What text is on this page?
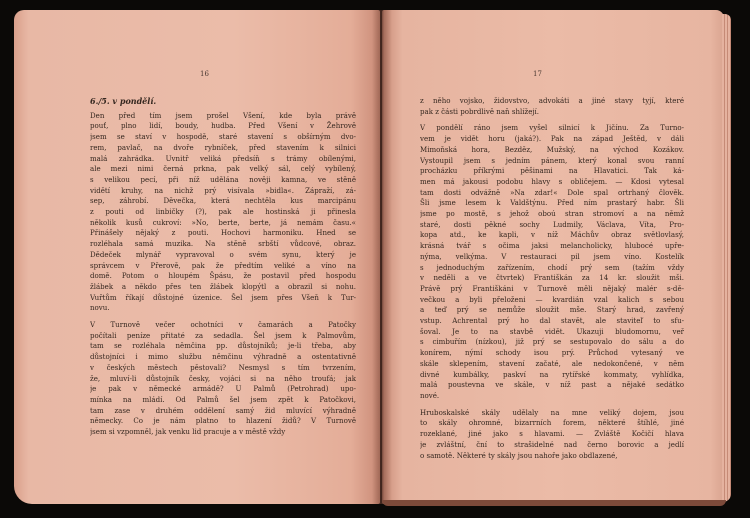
16
6./5. v pondělí.
Den před tím jsem prošel Všení, kde byla právě
pouť, plno lidí, boudy, hudba. Před Všení v Žehrově
jsem se staví v hospodě, staré stavení s obšírným dvo-
rem, pavlač, na dvoře rybníček, před stavením k silnici
malá zahrádka. Uvnitř veliká předsíň s trámy obílenými,
ale mezi nimi černá prkna, pak velký sál, celý vybílený,
s velikou pecí, při níž udělána nověji kamna, ve stěně
vidětí kruhy, na nichž prý visívala »bidla«. Zápraží, zá-
sep, záhrobí. Děvečka, která nechtěla kus marcipánu
z pouti od linbičky (?), pak ale hostinská ji přinesla
několik kusů cukroví: »No, berte, berte, já nemám času.«
Přinášely nějaký z pouti. Hochovi harmoniku. Hned se
rozléhala samá muzika. Na stěně srbští vůdcové, obraz.
Dědeček mlynář vypravoval o svém synu, který je
správcem v Přerově, pak že předtím veliké a víno na
domě. Potom o hloupém Špásu, že postavil před hospodu
žlábek a někdo přes ten žlábek klopýtl a obrazil si nohu.
Vuřtům říkají důstojné úzenice. Šel jsem přes Všeň k Tur-
novu.
V Turnově večer ochotníci v čamarách a Patočky
počítali peníze přitaté za sedadla. Šel jsem k Palmovům,
tam se rozléhala němčina pp. důstojníků; je-li třeba, aby
důstojníci i mimo službu němčinu výhradně a ostentativně
v českých městech pěstovali? Nesmysl s tím tvrzením,
že, mluví-li důstojník česky, vojáci si na něho troufá; jak
je pak v německé armádě? U Palmů (Petrohrad) upo-
mínka na mládí. Od Palmů šel jsem zpět k Patočkovi,
tam zase v druhém oddělení samý žid mluvící výhradně
německy. Co je nám platno to hlazení židů? V Turnově
jsem si vzpomněl, jak venku lid pracuje a v městě vždy
17
z něho vojsko, židovstvo, advokáti a jiné stavy tyjí, které
pak z části pobrdlivě naň shlížejí.
V pondělí ráno jsem vyšel silnicí k Jičínu. Za Turno-
vem je vidět horu (jaká?). Pak na západ Ještěd, v dáli
Mimoňská hora, Bezděz, Mužský, na východ Kozákov.
Vystoupil jsem s jedním pánem, který konal svou ranní
procházku příkrými pěšinami na Hlavatici. Tak ká-
men má jakousi podobu hlavy s obličejem. — Kdosi vytesal
tam dosti odvážně »Na zdar!« Dole spal ortrhaný člověk.
Šli jsme lesem k Valdštýnu. Před ním prastarý habr. Šli
jsme po mostě, s jehož oboú stran stromoví a na němž
staré, dosti pěkné sochy Ludmily, Václava, Víta, Pro-
kopa atd., ke kapli, v níž Máchův obraz světlovlasý,
krásná tvář s očima jaksi melancholicky, hlubocé upře-
nýma, velkýma. V restauraci pil jsem víno. Kostelík
s jednoduchým zařízením, chodí prý sem (tažím vždy
v neděli a ve čtvrtek) Františkán za 14 kr. sloužit mši.
Právě prý Františkáni v Turnově měli nějaký malér s-dě-
večkou a byli přeloženi — kvardián vzal kalich s sebou
a teď prý se nemůže sloužit mše. Starý hrad, zavřený
vstup. Achrental prý ho dal stavět, ale staviteľ to sfu-
šoval. Je to na stavbě vidět. Ukazuji bludomornu, veř
s cimbuřím (nízkou), již prý se sestupovalo do sálu a do
konírem, nýmí schody isou prý. Průchod vytesaný ve
skále sklepením, stavení začaté, ale nedokončené, v něm
divné kumbálky, paskví na rytířské kommaty, vyhlídka,
malá poustevna ve skále, v níž past a nějaké sedátko
nové.
Hruboskalské skály udělaly na mne veliký dojem, jsou
to skály ohromné, bizarrních forem, některé štíhlé, jiné
rozeklané, jiné jako s hlavami. — Zvláště Kočičí hlava
je zvláštní, ční to strašidelné nad černo borovic a jedlí
o samotě. Některé ty skály jsou nahoře jako obdlazené,
